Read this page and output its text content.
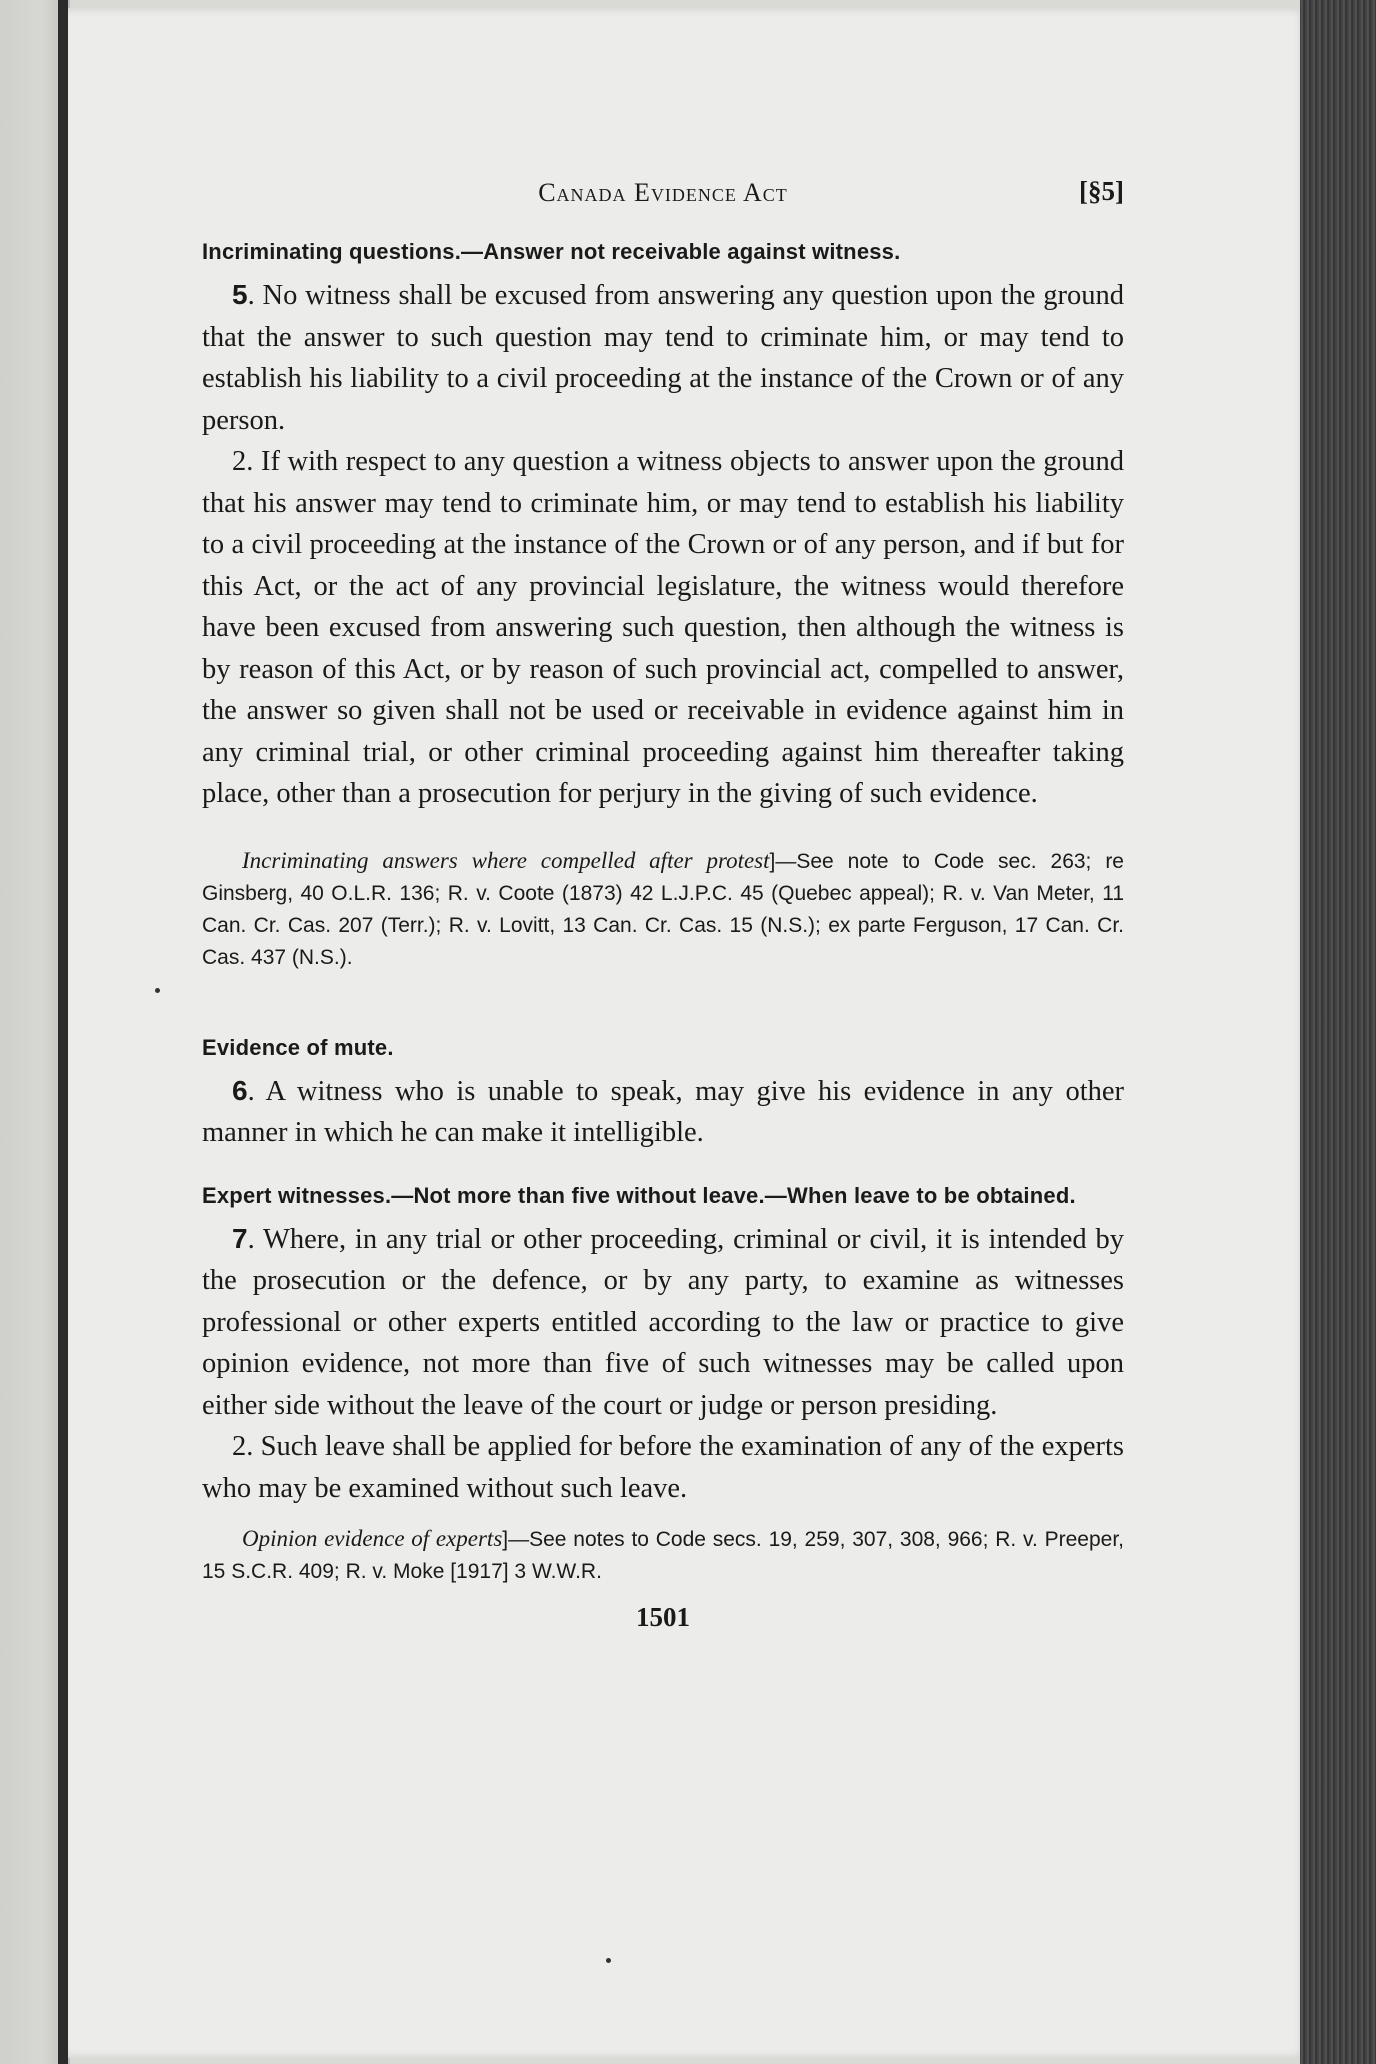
Canada Evidence Act	[§5]
Incriminating questions.—Answer not receivable against witness.

5. No witness shall be excused from answering any question upon the ground that the answer to such question may tend to criminate him, or may tend to establish his liability to a civil proceeding at the instance of the Crown or of any person.

2. If with respect to any question a witness objects to answer upon the ground that his answer may tend to criminate him, or may tend to establish his liability to a civil proceeding at the instance of the Crown or of any person, and if but for this Act, or the act of any provincial legislature, the witness would therefore have been excused from answering such question, then although the witness is by reason of this Act, or by reason of such provincial act, compelled to answer, the answer so given shall not be used or receivable in evidence against him in any criminal trial, or other criminal proceeding against him thereafter taking place, other than a prosecution for perjury in the giving of such evidence.

Incriminating answers where compelled after protest]—See note to Code sec. 263; re Ginsberg, 40 O.L.R. 136; R. v. Coote (1873) 42 L.J.P.C. 45 (Quebec appeal); R. v. Van Meter, 11 Can. Cr. Cas. 207 (Terr.); R. v. Lovitt, 13 Can. Cr. Cas. 15 (N.S.); ex parte Ferguson, 17 Can. Cr. Cas. 437 (N.S.).

Evidence of mute.

6. A witness who is unable to speak, may give his evidence in any other manner in which he can make it intelligible.

Expert witnesses.—Not more than five without leave.—When leave to be obtained.

7. Where, in any trial or other proceeding, criminal or civil, it is intended by the prosecution or the defence, or by any party, to examine as witnesses professional or other experts entitled according to the law or practice to give opinion evidence, not more than five of such witnesses may be called upon either side without the leave of the court or judge or person presiding.

2. Such leave shall be applied for before the examination of any of the experts who may be examined without such leave.

Opinion evidence of experts]—See notes to Code secs. 19, 259, 307, 308, 966; R. v. Preeper, 15 S.C.R. 409; R. v. Moke [1917] 3 W.W.R.

1501
